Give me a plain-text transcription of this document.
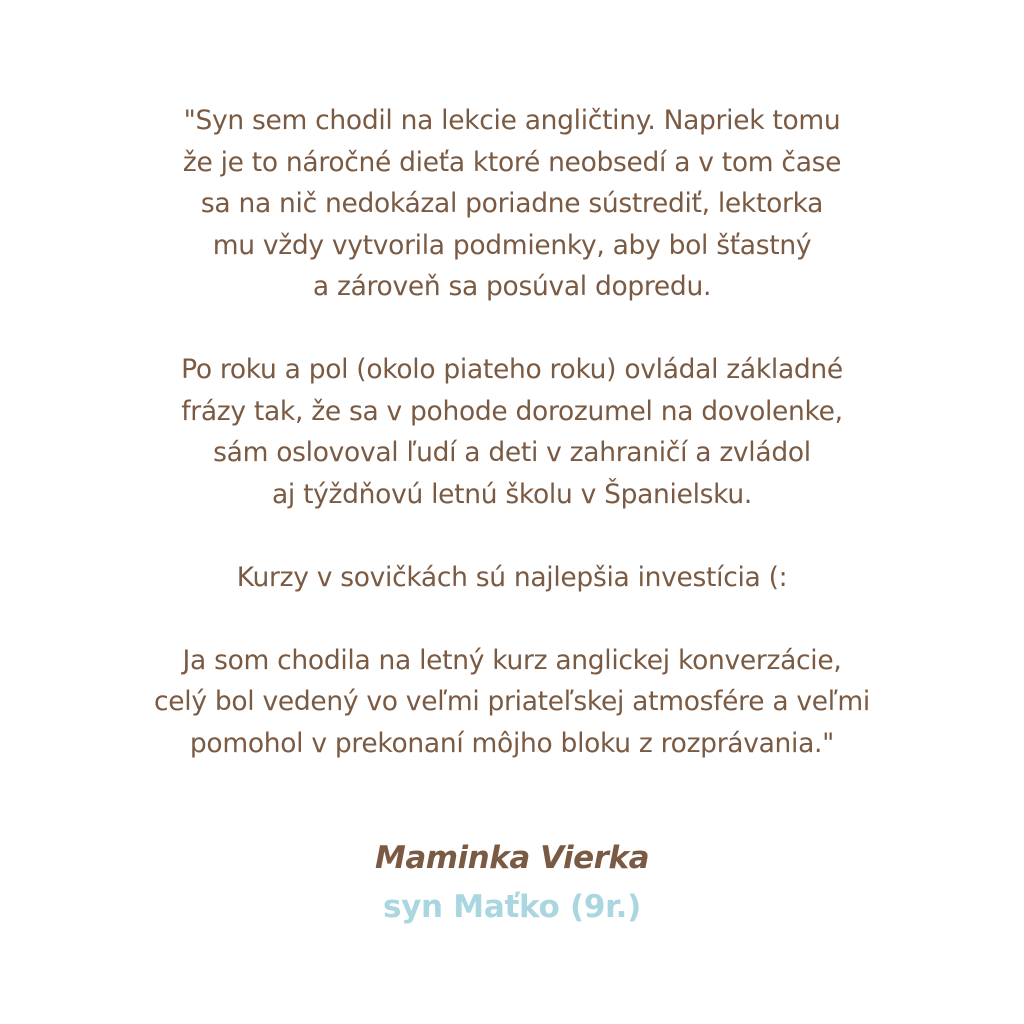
"Syn sem chodil na lekcie angličtiny. Napriek tomu
že je to náročné dieťa ktoré neobsedí a v tom čase
sa na nič nedokázal poriadne sústrediť, lektorka
mu vždy vytvorila podmienky, aby bol šťastný
a zároveň sa posúval dopredu.

Po roku a pol (okolo piateho roku) ovládal základné
frázy tak, že sa v pohode dorozumel na dovolenke,
sám oslovoval ľudí a deti v zahraničí a zvládol
aj týždňovú letnú školu v Španielsku.

Kurzy v sovičkách sú najlepšia investícia (:

Ja som chodila na letný kurz anglickej konverzácie,
celý bol vedený vo veľmi priateľskej atmosfére a veľmi
pomohol v prekonaní môjho bloku z rozprávania."

Maminka Vierka
syn Maťko (9r.)
